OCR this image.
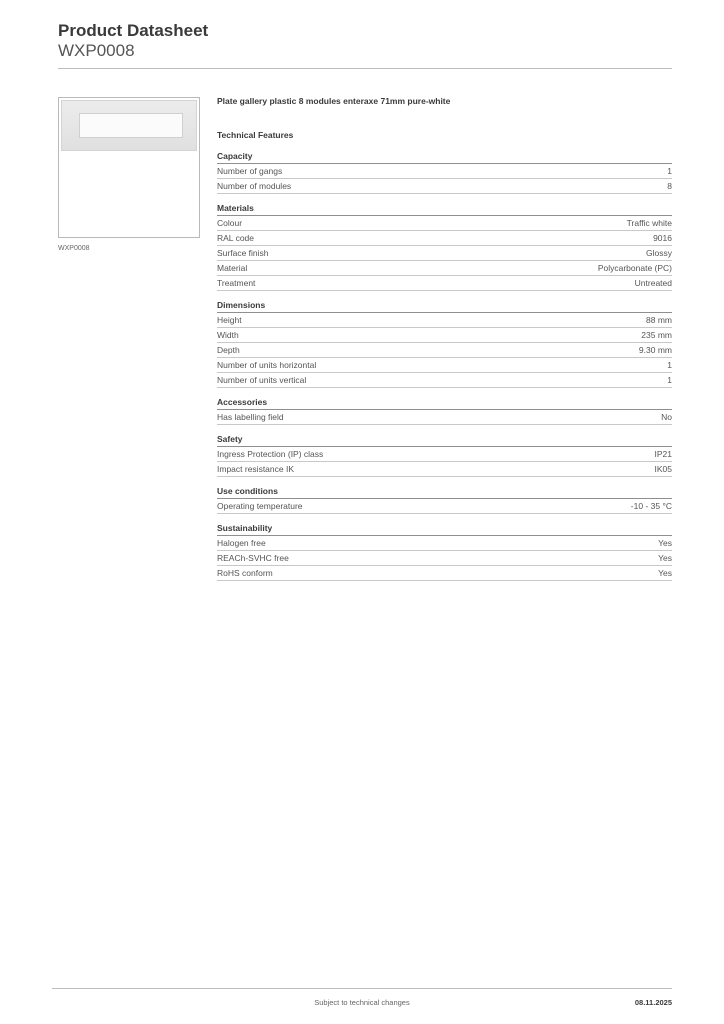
Product Datasheet
WXP0008
WXP0008
Plate gallery plastic 8 modules enteraxe 71mm pure-white
Technical Features
Capacity
Number of gangs	1
Number of modules	8
Materials
Colour	Traffic white
RAL code	9016
Surface finish	Glossy
Material	Polycarbonate (PC)
Treatment	Untreated
Dimensions
Height	88 mm
Width	235 mm
Depth	9.30 mm
Number of units horizontal	1
Number of units vertical	1
Accessories
Has labelling field	No
Safety
Ingress Protection (IP) class	IP21
Impact resistance IK	IK05
Use conditions
Operating temperature	-10 - 35 °C
Sustainability
Halogen free	Yes
REACh-SVHC free	Yes
RoHS conform	Yes
Subject to technical changes	08.11.2025
